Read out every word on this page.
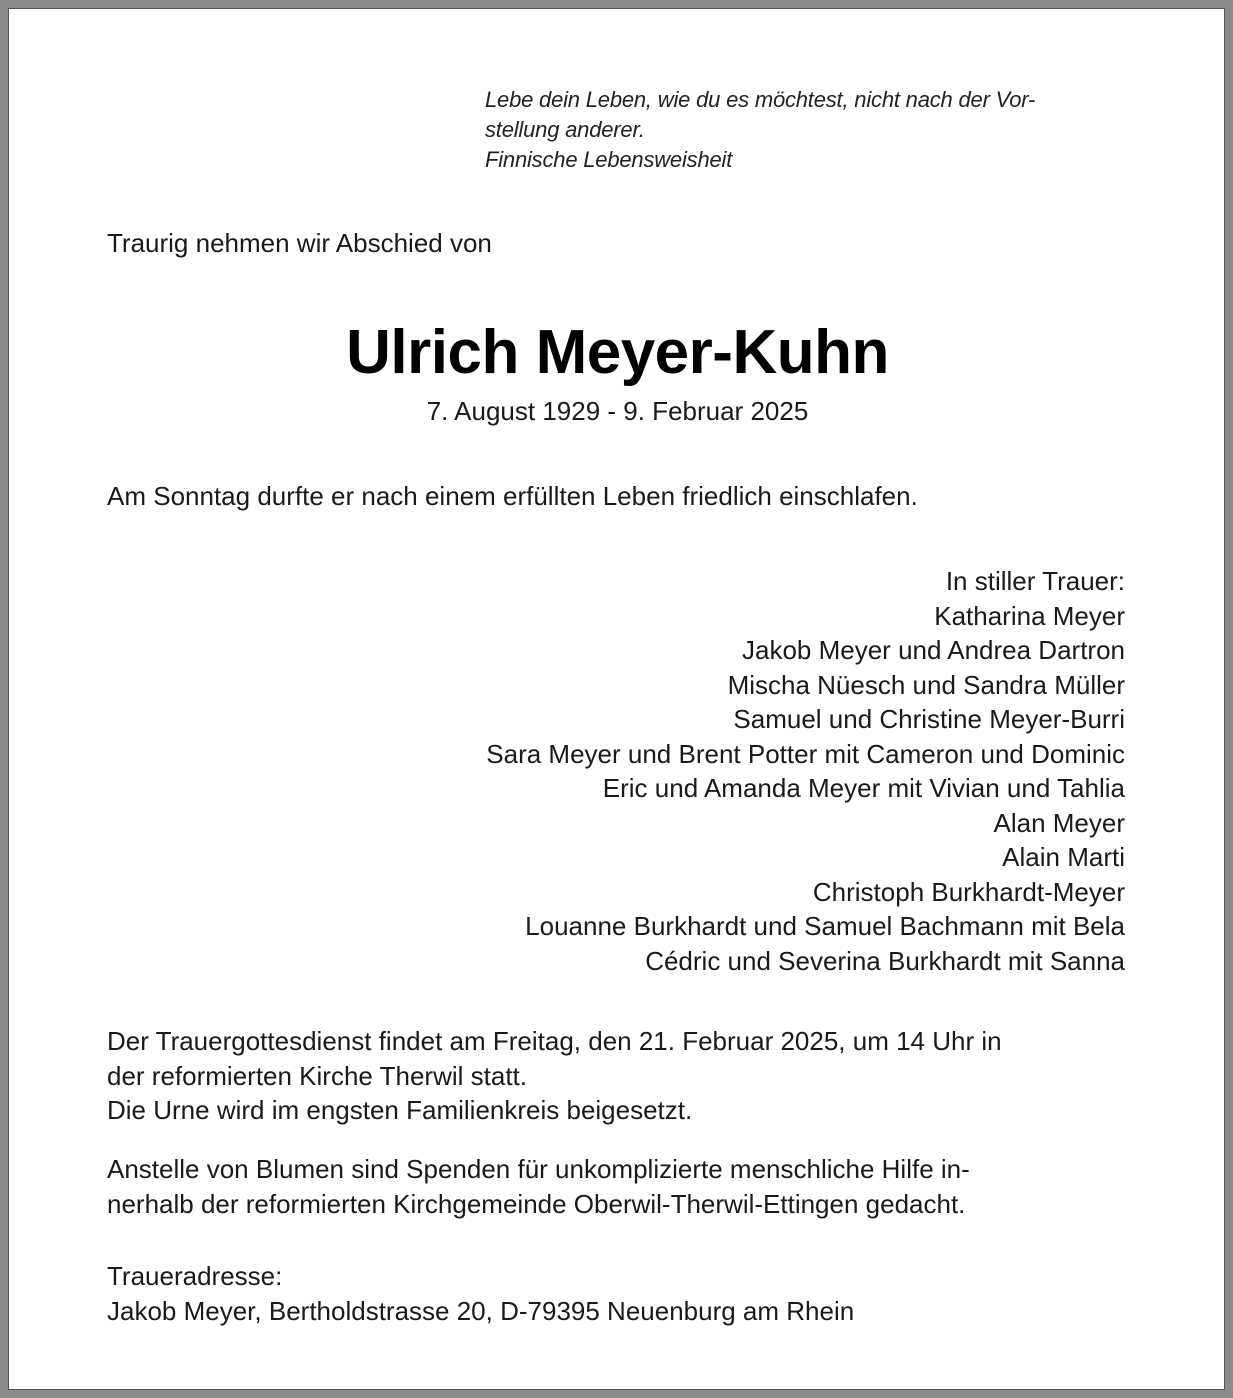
Lebe dein Leben, wie du es möchtest, nicht nach der Vor-
stellung anderer.
Finnische Lebensweisheit
Traurig nehmen wir Abschied von
Ulrich Meyer-Kuhn
7. August 1929 - 9. Februar 2025
Am Sonntag durfte er nach einem erfüllten Leben friedlich einschlafen.
In stiller Trauer:
Katharina Meyer
Jakob Meyer und Andrea Dartron
Mischa Nüesch und Sandra Müller
Samuel und Christine Meyer-Burri
Sara Meyer und Brent Potter mit Cameron und Dominic
Eric und Amanda Meyer mit Vivian und Tahlia
Alan Meyer
Alain Marti
Christoph Burkhardt-Meyer
Louanne Burkhardt und Samuel Bachmann mit Bela
Cédric und Severina Burkhardt mit Sanna
Der Trauergottesdienst findet am Freitag, den 21. Februar 2025, um 14 Uhr in
der reformierten Kirche Therwil statt.
Die Urne wird im engsten Familienkreis beigesetzt.
Anstelle von Blumen sind Spenden für unkomplizierte menschliche Hilfe in-
nerhalb der reformierten Kirchgemeinde Oberwil-Therwil-Ettingen gedacht.
Traueradresse:
Jakob Meyer, Bertholdstrasse 20, D-79395 Neuenburg am Rhein
